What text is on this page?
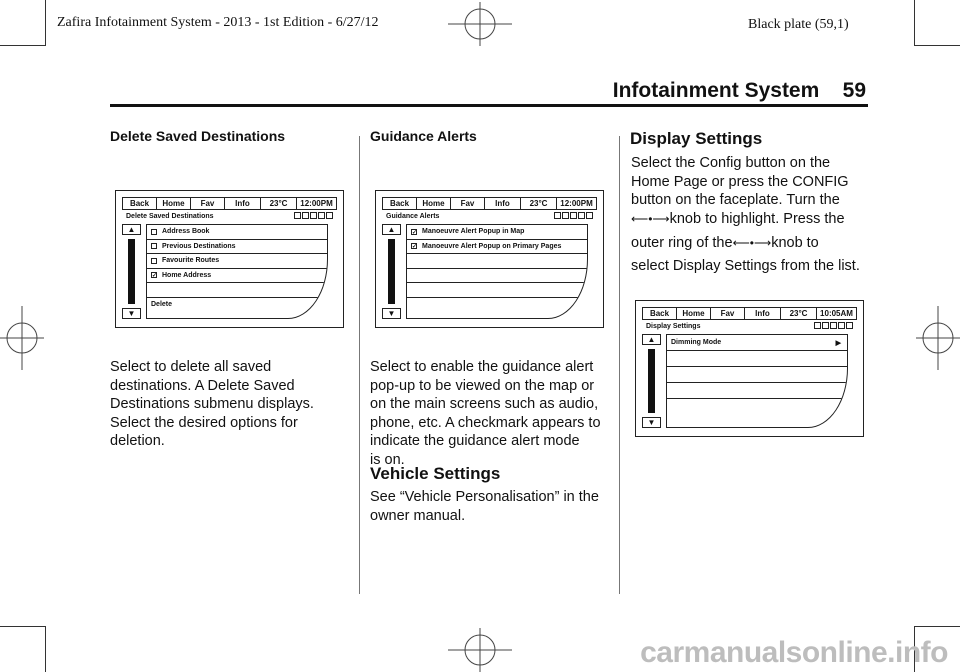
Zafira Infotainment System - 2013 - 1st Edition - 6/27/12	Black plate (59,1)
Infotainment System 59
Delete Saved Destinations
Back	Home	Fav	Info	23°C	12:00PM
Delete Saved Destinations
▲
▼
Address Book
Previous Destinations
Favourite Routes
✓ Home Address
Delete

Select to delete all saved

destinations. A Delete Saved

Destinations submenu displays.

Select the desired options for

deletion.

Guidance Alerts
Back	Home	Fav	Info	23°C	12:00PM
Guidance Alerts
▲
▼
✓ Manoeuvre Alert Popup in Map
✓ Manoeuvre Alert Popup on Primary Pages

Select to enable the guidance alert

pop-up to be viewed on the map or

on the main screens such as audio,

phone, etc. A checkmark appears to

indicate the guidance alert mode

is on.

Vehicle Settings

See “Vehicle Personalisation” in the

owner manual.

Display Settings

Select the Config button on the

Home Page or press the CONFIG

button on the faceplate. Turn the

⟵•⟶knob to highlight. Press the

outer ring of the⟵•⟶knob to

select Display Settings from the list.

Back	Home	Fav	Info	23°C	10:05AM
Display Settings
▲
▼
Dimming Mode	▶
carmanualsonline.info
